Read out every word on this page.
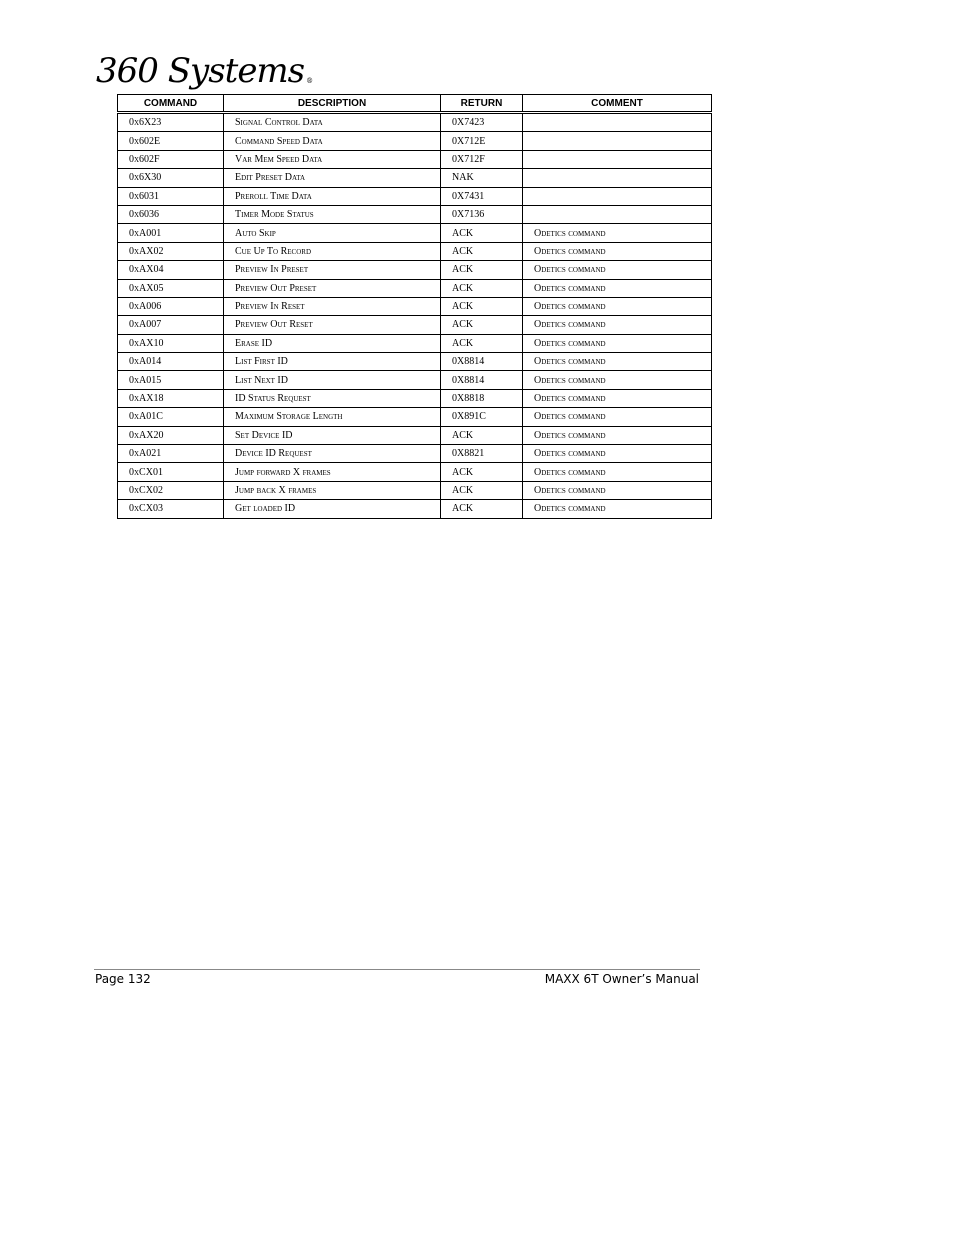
360 Systems ®
COMMAND	DESCRIPTION	RETURN	COMMENT
0x6X23	Signal Control Data	0X7423	
0x602E	Command Speed Data	0X712E	
0x602F	Var Mem Speed Data	0X712F	
0x6X30	Edit Preset Data	NAK	
0x6031	Preroll Time Data	0X7431	
0x6036	Timer Mode Status	0X7136	
0xA001	Auto Skip	ACK	Odetics command
0xAX02	Cue Up To Record	ACK	Odetics command
0xAX04	Preview In Preset	ACK	Odetics command
0xAX05	Preview Out Preset	ACK	Odetics command
0xA006	Preview In Reset	ACK	Odetics command
0xA007	Preview Out Reset	ACK	Odetics command
0xAX10	Erase ID	ACK	Odetics command
0xA014	List First ID	0X8814	Odetics command
0xA015	List Next ID	0X8814	Odetics command
0xAX18	ID Status Request	0X8818	Odetics command
0xA01C	Maximum Storage Length	0X891C	Odetics command
0xAX20	Set Device ID	ACK	Odetics command
0xA021	Device ID Request	0X8821	Odetics command
0xCX01	Jump forward X frames	ACK	Odetics command
0xCX02	Jump back X frames	ACK	Odetics command
0xCX03	Get loaded ID	ACK	Odetics command
Page 132	MAXX 6T Owner’s Manual
